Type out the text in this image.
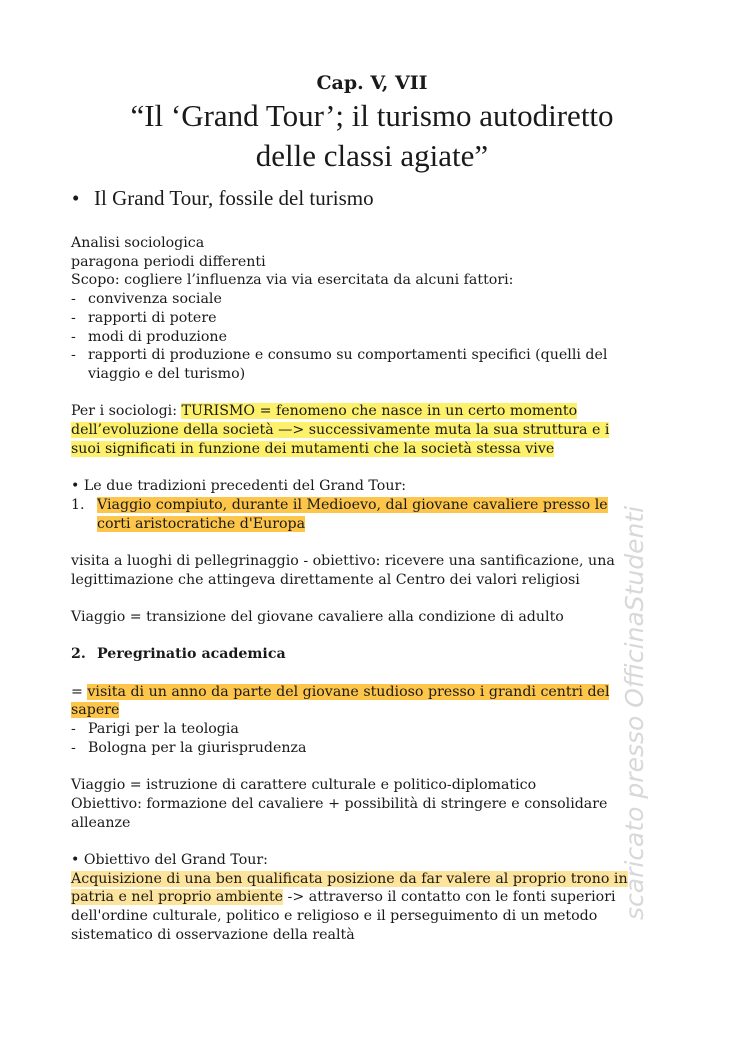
Cap. V, VII
“Il ‘Grand Tour’; il turismo autodiretto
delle classi agiate”
• Il Grand Tour, fossile del turismo
Analisi sociologica
paragona periodi differenti
Scopo: cogliere l’influenza via via esercitata da alcuni fattori:
- convivenza sociale
- rapporti di potere
- modi di produzione
- rapporti di produzione e consumo su comportamenti specifici (quelli del
viaggio e del turismo)
Per i sociologi: TURISMO = fenomeno che nasce in un certo momento
dell’evoluzione della società —> successivamente muta la sua struttura e i
suoi significati in funzione dei mutamenti che la società stessa vive
• Le due tradizioni precedenti del Grand Tour:
1. Viaggio compiuto, durante il Medioevo, dal giovane cavaliere presso le
corti aristocratiche d'Europa
visita a luoghi di pellegrinaggio - obiettivo: ricevere una santificazione, una
legittimazione che attingeva direttamente al Centro dei valori religiosi
Viaggio = transizione del giovane cavaliere alla condizione di adulto
2. Peregrinatio academica
= visita di un anno da parte del giovane studioso presso i grandi centri del
sapere
- Parigi per la teologia
- Bologna per la giurisprudenza
Viaggio = istruzione di carattere culturale e politico-diplomatico
Obiettivo: formazione del cavaliere + possibilità di stringere e consolidare
alleanze
• Obiettivo del Grand Tour:
Acquisizione di una ben qualificata posizione da far valere al proprio trono in
patria e nel proprio ambiente -> attraverso il contatto con le fonti superiori
dell'ordine culturale, politico e religioso e il perseguimento di un metodo
sistematico di osservazione della realtà
scaricato presso OfficinaStudenti
